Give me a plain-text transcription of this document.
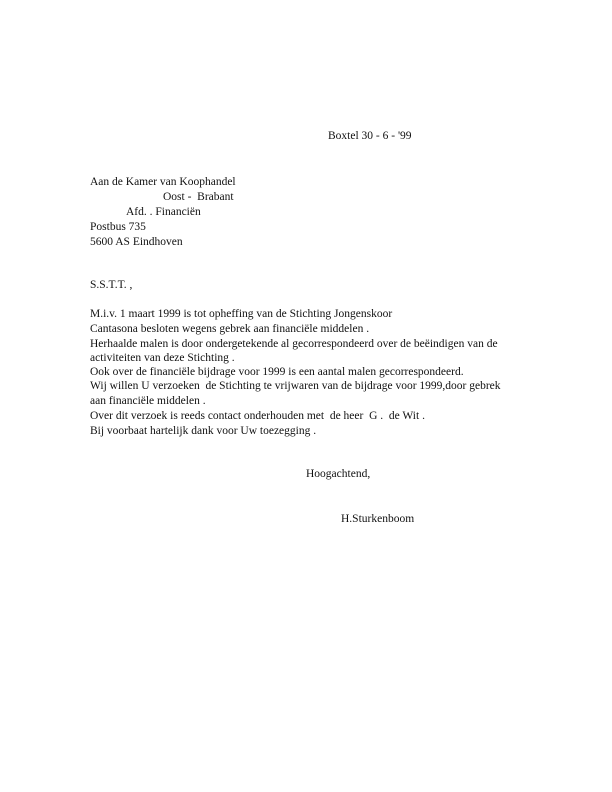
Boxtel 30 - 6 - '99
Aan de Kamer van Koophandel
Oost -  Brabant
Afd. . Financiën
Postbus 735
5600 AS Eindhoven
S.S.T.T. ,
M.i.v. 1 maart 1999 is tot opheffing van de Stichting Jongenskoor
Cantasona besloten wegens gebrek aan financiële middelen .
Herhaalde malen is door ondergetekende al gecorrespondeerd over de beëindigen van de
activiteiten van deze Stichting .
Ook over de financiële bijdrage voor 1999 is een aantal malen gecorrespondeerd.
Wij willen U verzoeken  de Stichting te vrijwaren van de bijdrage voor 1999,door gebrek
aan financiële middelen .
Over dit verzoek is reeds contact onderhouden met  de heer  G .  de Wit .
Bij voorbaat hartelijk dank voor Uw toezegging .
Hoogachtend,
H.Sturkenboom
